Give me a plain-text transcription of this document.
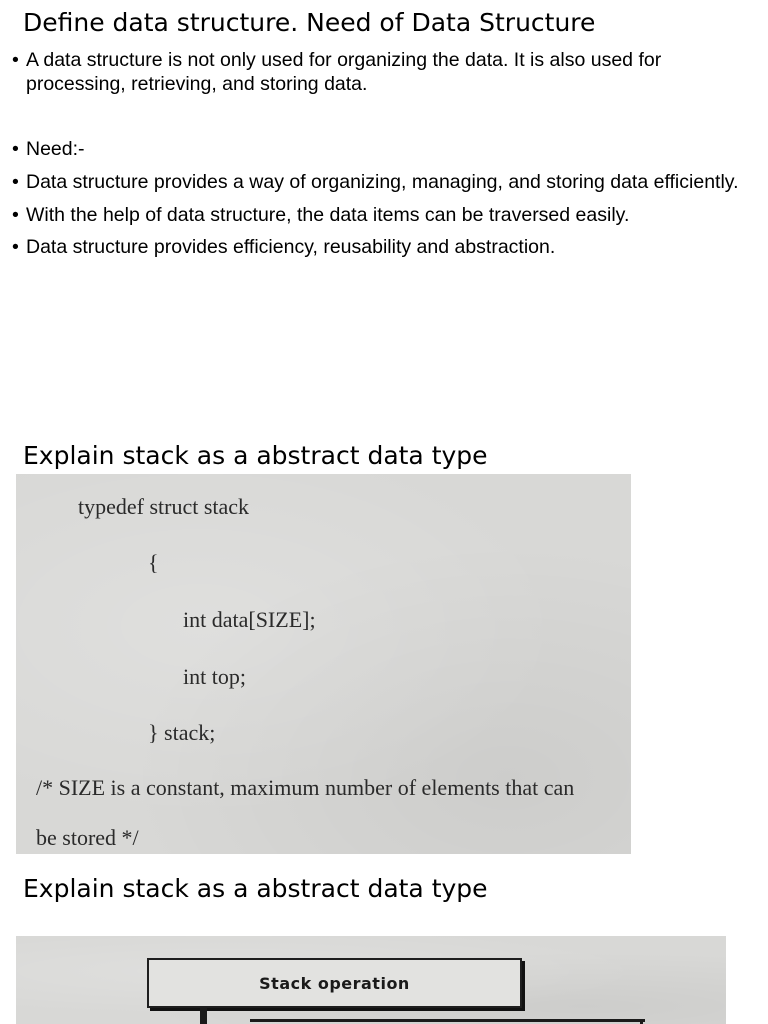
Define data structure. Need of Data Structure
• A data structure is not only used for organizing the data. It is also used for processing, retrieving, and storing data.
• Need:-
• Data structure provides a way of organizing, managing, and storing data efficiently.
• With the help of data structure, the data items can be traversed easily.
• Data structure provides efficiency, reusability and abstraction.
Explain stack as a abstract data type
typedef struct stack
{
int data[SIZE];
int top;
} stack;
/* SIZE is a constant, maximum number of elements that can
be stored */
Explain stack as a abstract data type
Stack operation
